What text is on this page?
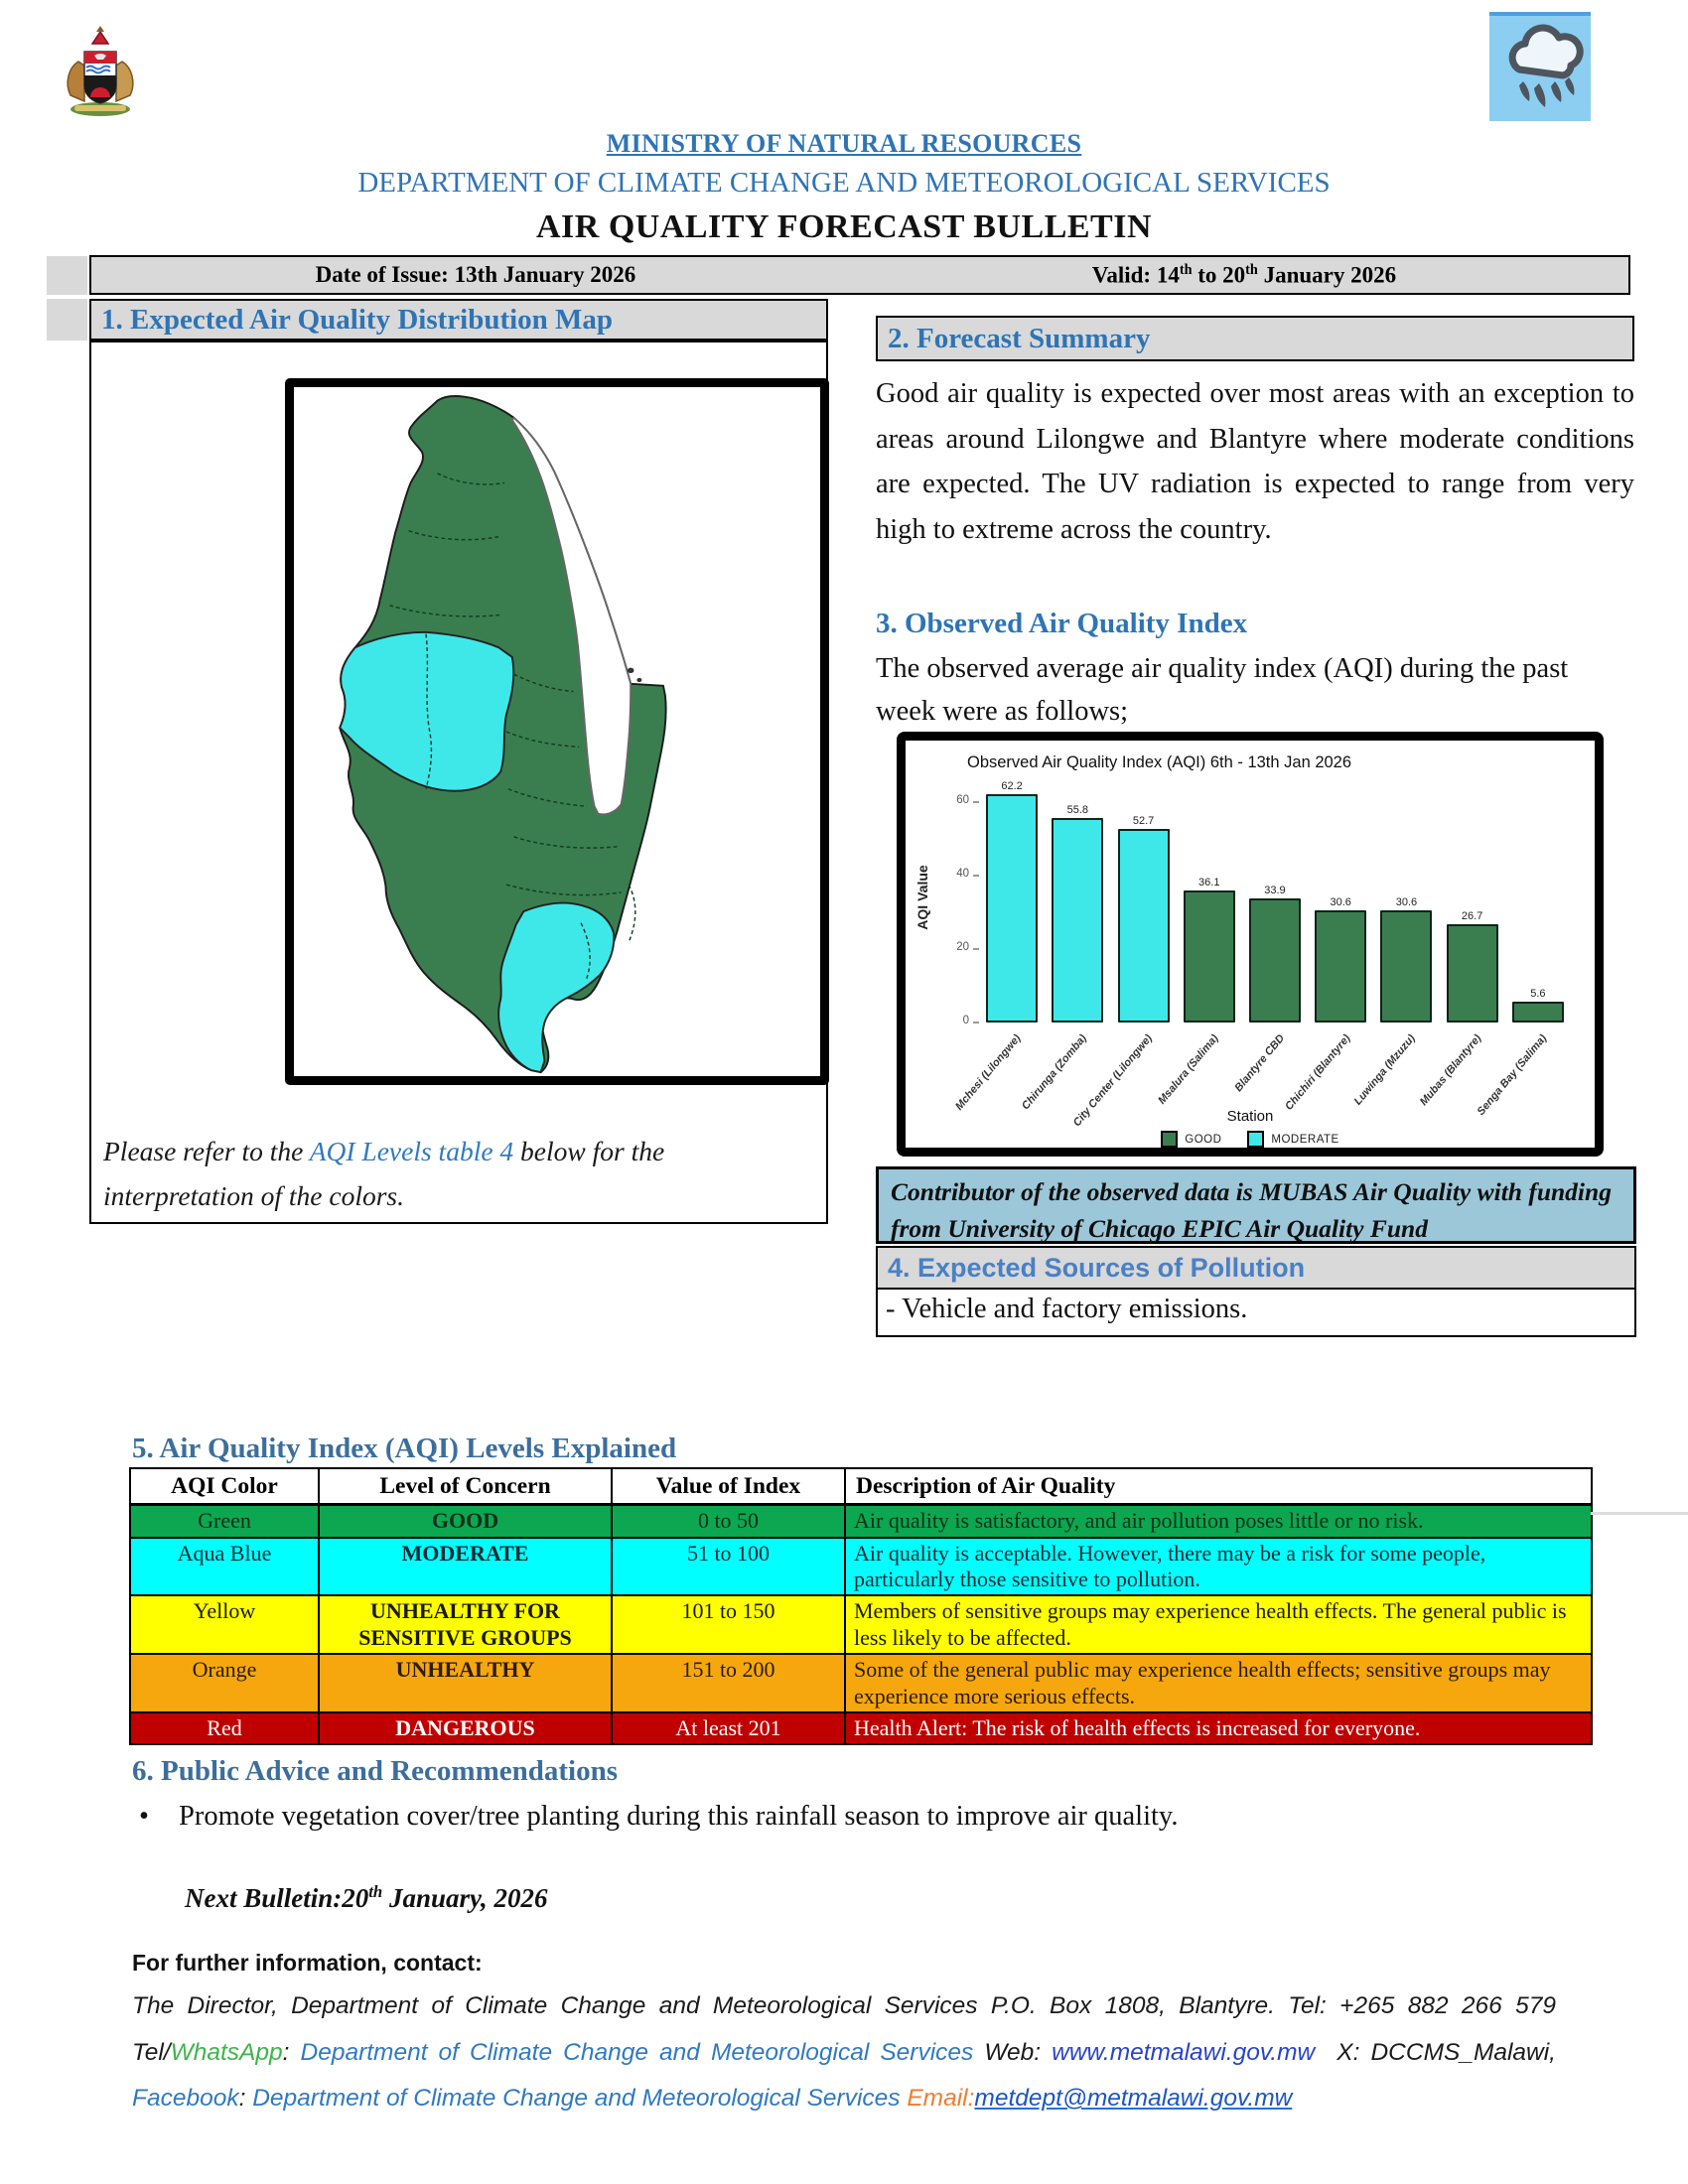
MINISTRY OF NATURAL RESOURCES
DEPARTMENT OF CLIMATE CHANGE AND METEOROLOGICAL SERVICES
AIR QUALITY FORECAST BULLETIN
Date of Issue: 13th January 2026	Valid: 14th to 20th January 2026
1. Expected Air Quality Distribution Map
Please refer to the AQI Levels table 4 below for the interpretation of the colors.
2. Forecast Summary
Good air quality is expected over most areas with an exception to areas around Lilongwe and Blantyre where moderate conditions are expected. The UV radiation is expected to range from very high to extreme across the country.
3. Observed Air Quality Index
The observed average air quality index (AQI) during the past week were as follows;
Observed Air Quality Index (AQI) 6th - 13th Jan 2026
AQI Value
0
20
40
60
62.2
55.8
52.7
36.1
33.9
30.6	30.6
26.7
5.6
Mchesi (Lilongwe)
Chirunga (Zomba)
City Center (Lilongwe) Msalura (Salima) Blantyre CBD
Chichiri (Blantyre) Luwinga (Mzuzu) Mubas (Blantyre)
Senga Bay (Salima)
Station
GOOD	MODERATE
Contributor of the observed data is MUBAS Air Quality with funding from University of Chicago EPIC Air Quality Fund
4. Expected Sources of Pollution
- Vehicle and factory emissions.
5. Air Quality Index (AQI) Levels Explained
AQI Color	Level of Concern	Value of Index	Description of Air Quality
Green	GOOD	0 to 50	Air quality is satisfactory, and air pollution poses little or no risk.
Aqua Blue	MODERATE	51 to 100	Air quality is acceptable. However, there may be a risk for some people, particularly those sensitive to pollution.
Yellow	UNHEALTHY FOR SENSITIVE GROUPS	101 to 150	Members of sensitive groups may experience health effects. The general public is less likely to be affected.
Orange	UNHEALTHY	151 to 200	Some of the general public may experience health effects; sensitive groups may experience more serious effects.
Red	DANGEROUS	At least 201	Health Alert: The risk of health effects is increased for everyone.
6. Public Advice and Recommendations
• Promote vegetation cover/tree planting during this rainfall season to improve air quality.
Next Bulletin:20th January, 2026
For further information, contact:
The Director, Department of Climate Change and Meteorological Services P.O. Box 1808, Blantyre. Tel: +265 882 266 579 Tel/WhatsApp: Department of Climate Change and Meteorological Services Web: www.metmalawi.gov.mw  X: DCCMS_Malawi, Facebook: Department of Climate Change and Meteorological Services Email:metdept@metmalawi.gov.mw
